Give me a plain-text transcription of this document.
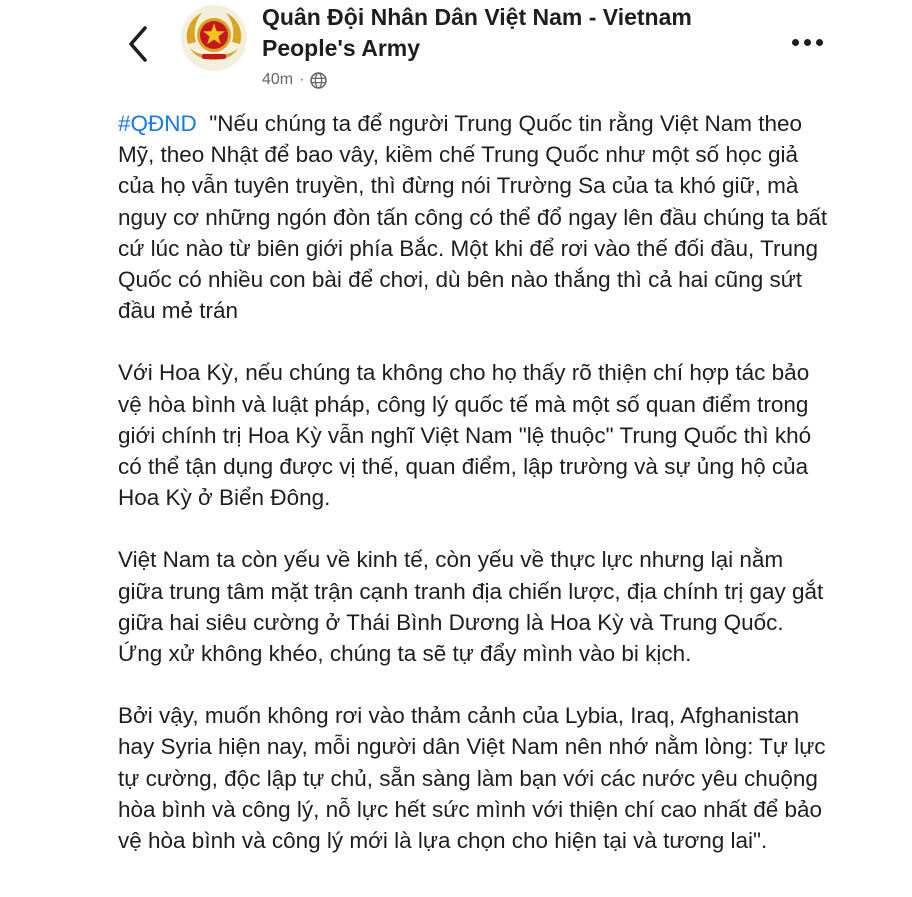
Quân Đội Nhân Dân Việt Nam - Vietnam People's Army
40m ·

#QĐND "Nếu chúng ta để người Trung Quốc tin rằng Việt Nam theo Mỹ, theo Nhật để bao vây, kiềm chế Trung Quốc như một số học giả của họ vẫn tuyên truyền, thì đừng nói Trường Sa của ta khó giữ, mà nguy cơ những ngón đòn tấn công có thể đổ ngay lên đầu chúng ta bất cứ lúc nào từ biên giới phía Bắc. Một khi để rơi vào thế đối đầu, Trung Quốc có nhiều con bài để chơi, dù bên nào thắng thì cả hai cũng sứt đầu mẻ trán

Với Hoa Kỳ, nếu chúng ta không cho họ thấy rõ thiện chí hợp tác bảo vệ hòa bình và luật pháp, công lý quốc tế mà một số quan điểm trong giới chính trị Hoa Kỳ vẫn nghĩ Việt Nam "lệ thuộc" Trung Quốc thì khó có thể tận dụng được vị thế, quan điểm, lập trường và sự ủng hộ của Hoa Kỳ ở Biển Đông.

Việt Nam ta còn yếu về kinh tế, còn yếu về thực lực nhưng lại nằm giữa trung tâm mặt trận cạnh tranh địa chiến lược, địa chính trị gay gắt giữa hai siêu cường ở Thái Bình Dương là Hoa Kỳ và Trung Quốc. Ứng xử không khéo, chúng ta sẽ tự đẩy mình vào bi kịch.

Bởi vậy, muốn không rơi vào thảm cảnh của Lybia, Iraq, Afghanistan hay Syria hiện nay, mỗi người dân Việt Nam nên nhớ nằm lòng: Tự lực tự cường, độc lập tự chủ, sẵn sàng làm bạn với các nước yêu chuộng hòa bình và công lý, nỗ lực hết sức mình với thiện chí cao nhất để bảo vệ hòa bình và công lý mới là lựa chọn cho hiện tại và tương lai".
